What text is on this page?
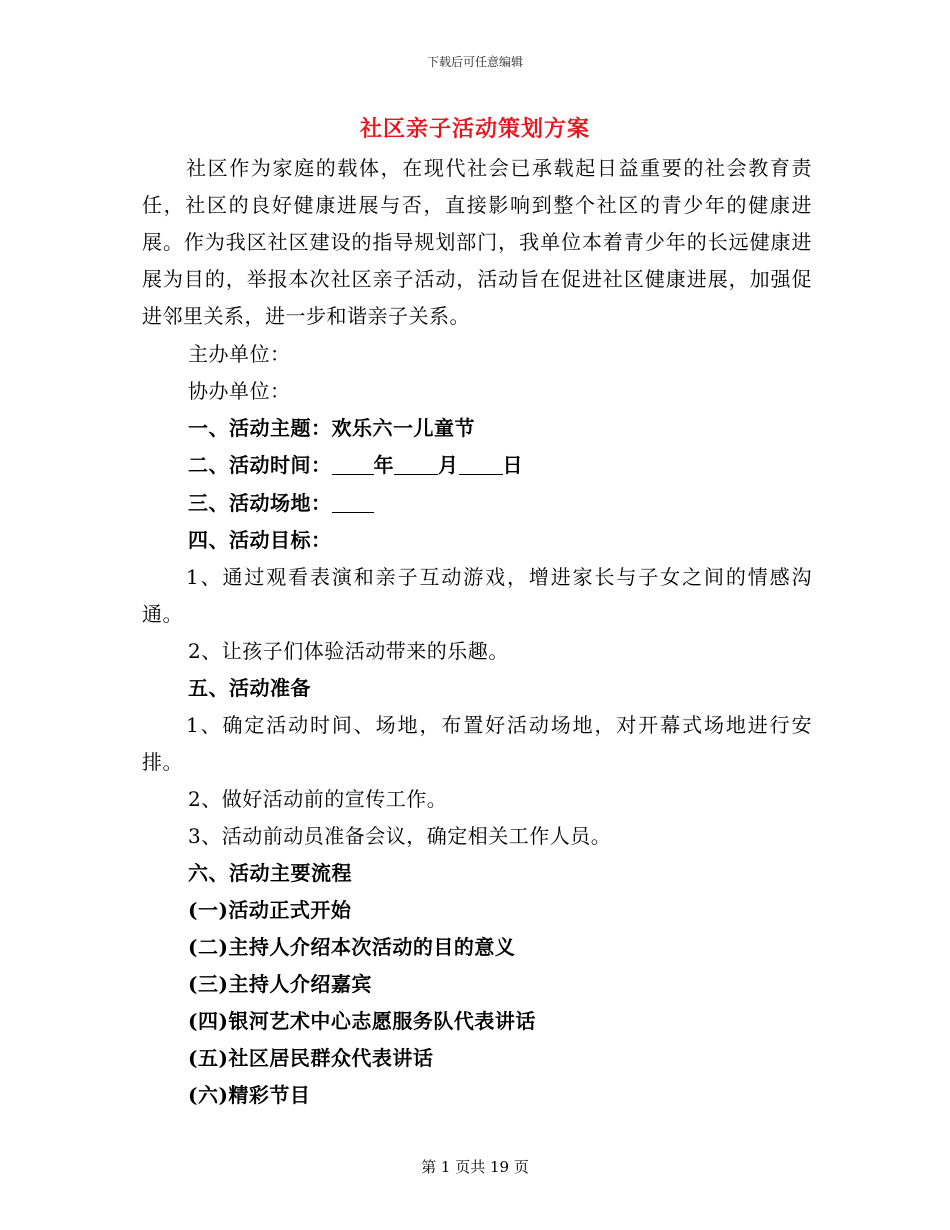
下载后可任意编辑
社区亲子活动策划方案

社区作为家庭的载体，在现代社会已承载起日益重要的社会教育责任，社区的良好健康进展与否，直接影响到整个社区的青少年的健康进展。作为我区社区建设的指导规划部门，我单位本着青少年的长远健康进展为目的，举报本次社区亲子活动，活动旨在促进社区健康进展，加强促进邻里关系，进一步和谐亲子关系。

主办单位：
协办单位：
一、活动主题：欢乐六一儿童节
二、活动时间： 年 月 日
三、活动场地：
四、活动目标：

1、通过观看表演和亲子互动游戏，增进家长与子女之间的情感沟通。

2、让孩子们体验活动带来的乐趣。
五、活动准备

1、确定活动时间、场地，布置好活动场地，对开幕式场地进行安排。

2、做好活动前的宣传工作。
3、活动前动员准备会议，确定相关工作人员。
六、活动主要流程
(一)活动正式开始
(二)主持人介绍本次活动的目的意义
(三)主持人介绍嘉宾
(四)银河艺术中心志愿服务队代表讲话
(五)社区居民群众代表讲话
(六)精彩节目
第 1 页共 19 页
